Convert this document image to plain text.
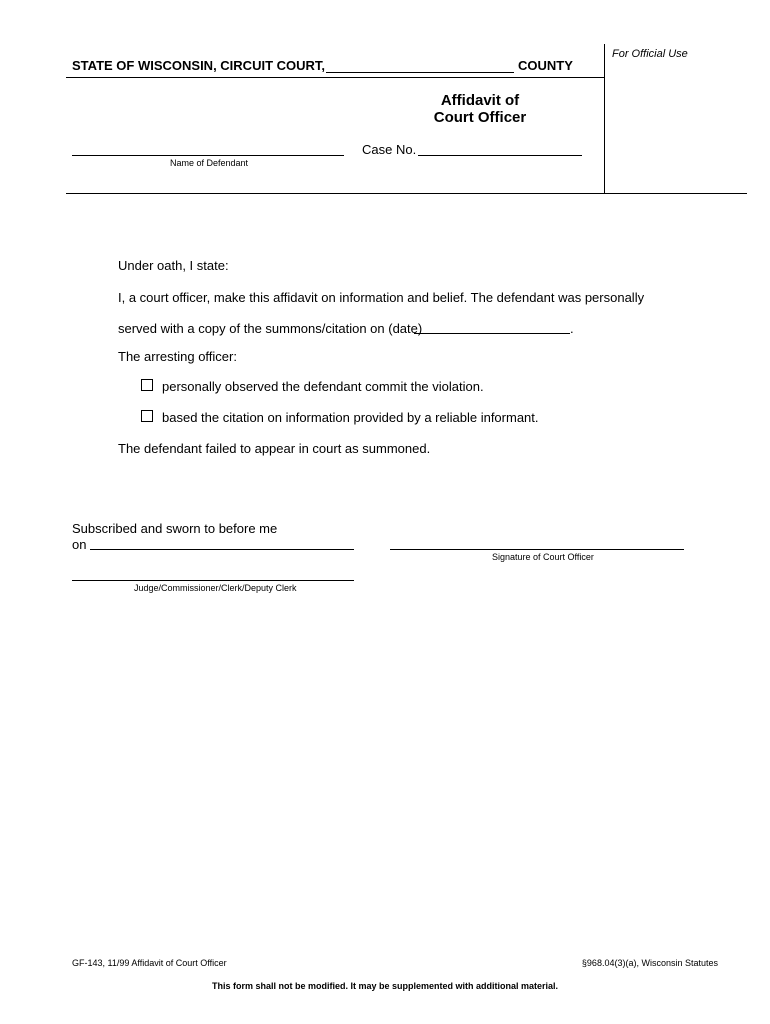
STATE OF WISCONSIN, CIRCUIT COURT,	COUNTY
For Official Use
Affidavit of
Court Officer
Name of Defendant
Case No.
Under oath, I state:
I, a court officer, make this affidavit on information and belief. The defendant was personally
served with a copy of the summons/citation on (date)	.
The arresting officer:
personally observed the defendant commit the violation.
based the citation on information provided by a reliable informant.
The defendant failed to appear in court as summoned.
Subscribed and sworn to before me
on
Signature of Court Officer
Judge/Commissioner/Clerk/Deputy Clerk
GF-143, 11/99 Affidavit of Court Officer	§968.04(3)(a), Wisconsin Statutes
This form shall not be modified. It may be supplemented with additional material.
